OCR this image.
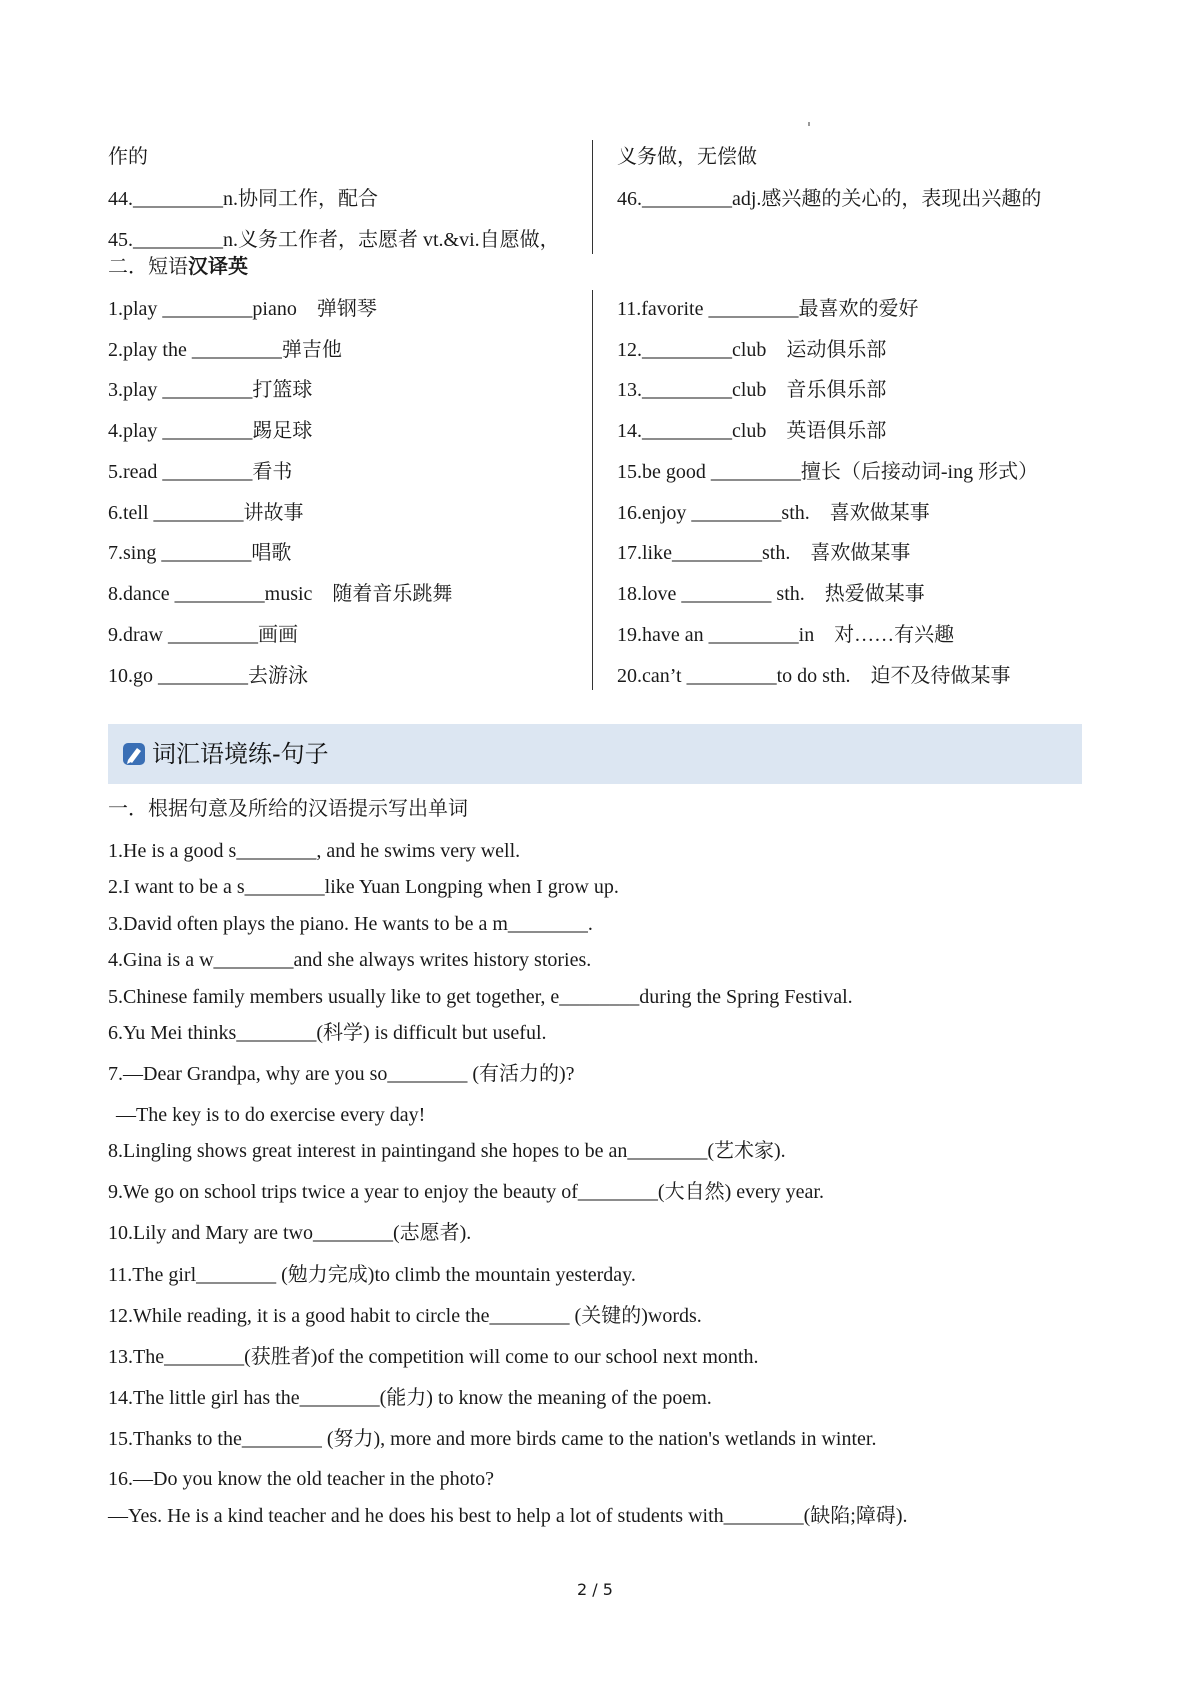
作的
44._________n.协同工作，配合
45._________n.义务工作者，志愿者 vt.&vi.自愿做，
义务做，无偿做
46._________adj.感兴趣的关心的，表现出兴趣的
二．短语汉译英
1.play _________piano　弹钢琴
2.play the _________弹吉他
3.play _________打篮球
4.play _________踢足球
5.read _________看书
6.tell _________讲故事
7.sing _________唱歌
8.dance _________music　随着音乐跳舞
9.draw _________画画
10.go _________去游泳
11.favorite _________最喜欢的爱好
12._________club　运动俱乐部
13._________club　音乐俱乐部
14._________club　英语俱乐部
15.be good _________擅长（后接动词-ing 形式）
16.enjoy _________sth.　喜欢做某事
17.like_________sth.　喜欢做某事
18.love _________ sth.　热爱做某事
19.have an _________in　对……有兴趣
20.can’t _________to do sth.　迫不及待做某事
词汇语境练-句子
一．根据句意及所给的汉语提示写出单词
1.He is a good s________, and he swims very well.
2.I want to be a s________like Yuan Longping when I grow up.
3.David often plays the piano. He wants to be a m________.
4.Gina is a w________and she always writes history stories.
5.Chinese family members usually like to get together, e________during the Spring Festival.
6.Yu Mei thinks________(科学) is difficult but useful.
7.—Dear Grandpa, why are you so________ (有活力的)?
—The key is to do exercise every day!
8.Lingling shows great interest in paintingand she hopes to be an________(艺术家).
9.We go on school trips twice a year to enjoy the beauty of________(大自然) every year.
10.Lily and Mary are two________(志愿者).
11.The girl________ (勉力完成)to climb the mountain yesterday.
12.While reading, it is a good habit to circle the________ (关键的)words.
13.The________(获胜者)of the competition will come to our school next month.
14.The little girl has the________(能力) to know the meaning of the poem.
15.Thanks to the________ (努力), more and more birds came to the nation's wetlands in winter.
16.—Do you know the old teacher in the photo?
—Yes. He is a kind teacher and he does his best to help a lot of students with________(缺陷;障碍).
2 / 5
